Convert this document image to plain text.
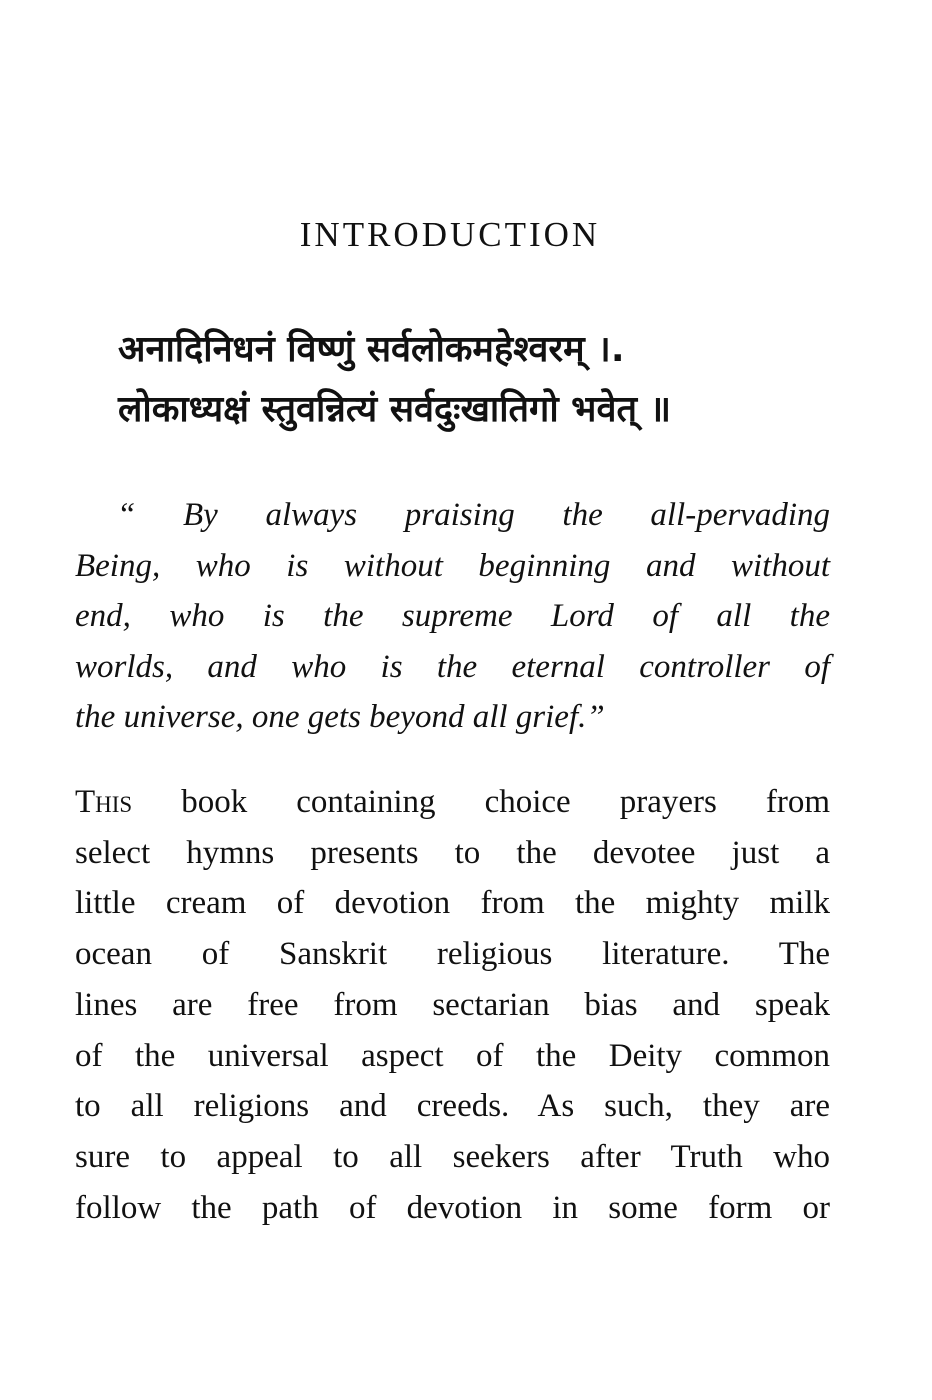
INTRODUCTION
अनादिनिधनं विष्णुं सर्वलोकमहेश्वरम् ।.
लोकाध्यक्षं स्तुवन्नित्यं सर्वदुःखातिगो भवेत् ॥
“ By always praising the all-pervading
Being, who is without beginning and without
end, who is the supreme Lord of all the
worlds, and who is the eternal controller of
the universe, one gets beyond all grief.”
This book containing choice prayers from
select hymns presents to the devotee just a
little cream of devotion from the mighty milk
ocean of Sanskrit religious literature. The
lines are free from sectarian bias and speak
of the universal aspect of the Deity common
to all religions and creeds. As such, they are
sure to appeal to all seekers after Truth who
follow the path of devotion in some form or
